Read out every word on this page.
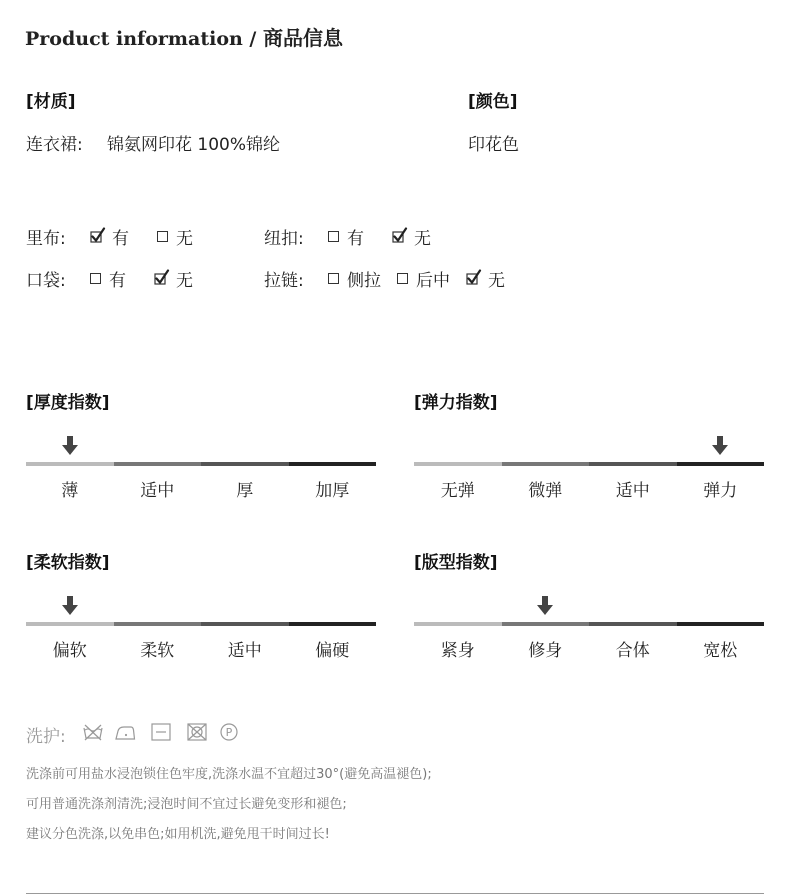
Product information / 商品信息
[材质]
连衣裙: 锦氨网印花 100%锦纶
[颜色]
印花色
里布:	有	无	纽扣:	有	无
口袋:	有	无	拉链:	侧拉 后中 无
[厚度指数]	[弹力指数]
[柔软指数]	[版型指数]
薄	适中	厚	加厚	无弹	微弹	适中	弹力
偏软	柔软	适中	偏硬	紧身	修身	合体	宽松
洗护:	P
洗涤前可用盐水浸泡锁住色牢度,洗涤水温不宜超过30°(避免高温褪色);
可用普通洗涤剂清洗;浸泡时间不宜过长避免变形和褪色;
建议分色洗涤,以免串色;如用机洗,避免甩干时间过长!
